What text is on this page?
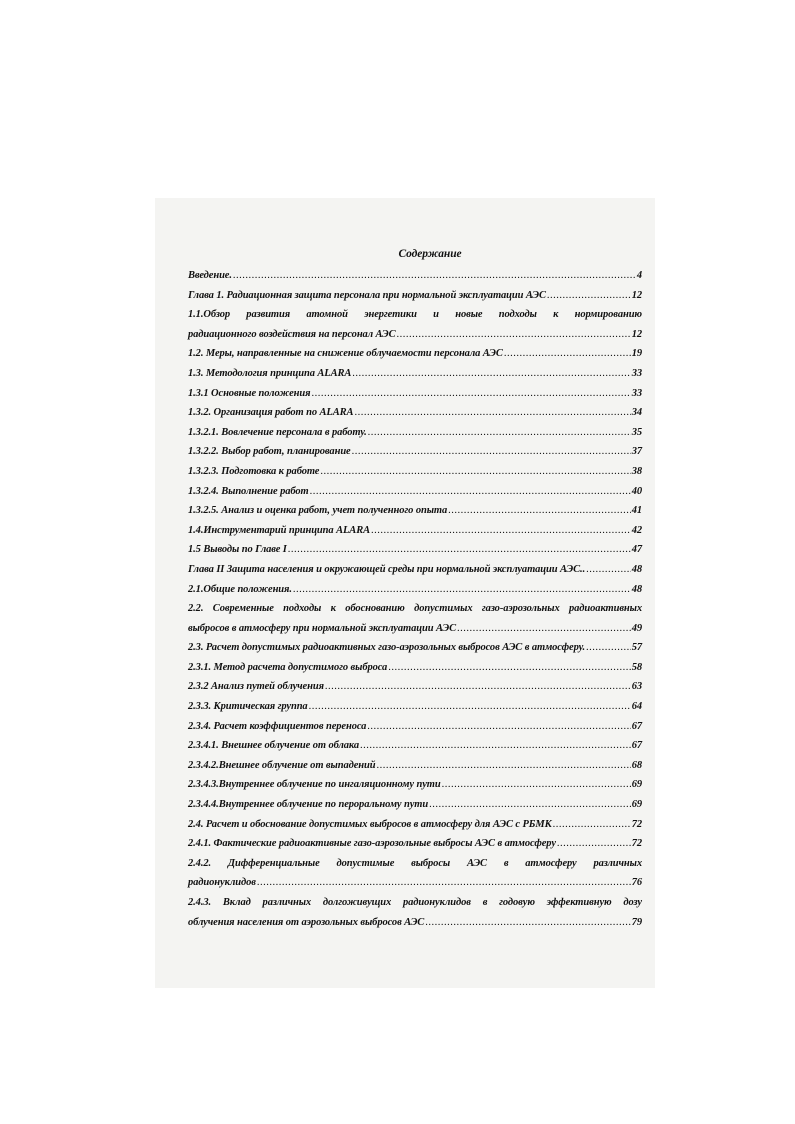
Содержание
Введение. .....	4
Глава 1. Радиационная защита персонала при нормальной эксплуатации АЭС .....	12
1.1.Обзор развития атомной энергетики и новые подходы к нормированию
радиационного воздействия на персонал АЭС .....	12
1.2. Меры, направленные на снижение облучаемости персонала АЭС .....	19
1.3. Методология принципа ALARA .....	33
1.3.1 Основные положения .....	33
1.3.2. Организация работ по ALARA .....	34
1.3.2.1. Вовлечение персонала в работу. .....	35
1.3.2.2. Выбор работ, планирование .....	37
1.3.2.3. Подготовка к работе .....	38
1.3.2.4. Выполнение работ .....	40
1.3.2.5. Анализ и оценка работ, учет полученного опыта .....	41
1.4.Инструментарий принципа ALARA .....	42
1.5 Выводы по Главе I .....	47
Глава II Защита населения и окружающей среды при нормальной эксплуатации АЭС.. .....	48
2.1.Общие положения. .....	48
2.2. Современные подходы к обоснованию допустимых газо-аэрозольных радиоактивных
выбросов в атмосферу при нормальной эксплуатации АЭС .....	49
2.3. Расчет допустимых радиоактивных газо-аэрозольных выбросов АЭС в атмосферу. .....	57
2.3.1. Метод расчета допустимого выброса .....	58
2.3.2 Анализ путей облучения .....	63
2.3.3. Критическая группа .....	64
2.3.4. Расчет коэффициентов переноса .....	67
2.3.4.1. Внешнее облучение от облака .....	67
2.3.4.2.Внешнее облучение от выпадений .....	68
2.3.4.3.Внутреннее облучение по ингаляционному пути .....	69
2.3.4.4.Внутреннее облучение по пероральному пути .....	69
2.4. Расчет и обоснование допустимых выбросов в атмосферу для АЭС с РБМК .....	72
2.4.1. Фактические радиоактивные газо-аэрозольные выбросы АЭС в атмосферу .....	72
2.4.2. Дифференциальные допустимые выбросы АЭС в атмосферу различных
радионуклидов .....	76
2.4.3. Вклад различных долгоживущих радионуклидов в годовую эффективную дозу
облучения населения от аэрозольных выбросов АЭС .....	79
